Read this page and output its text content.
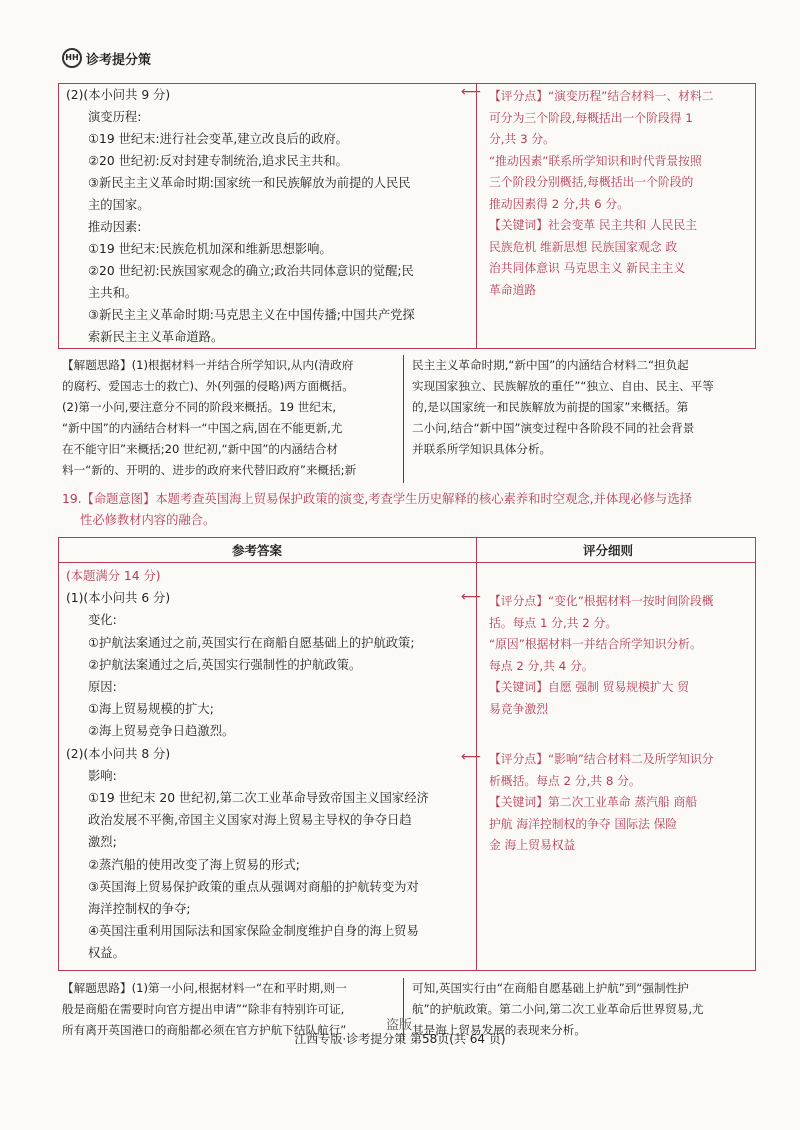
HH 诊考提分策
⟵

(2)(本小问共 9 分)

演变历程:

①19 世纪末:进行社会变革,建立改良后的政府。

②20 世纪初:反对封建专制统治,追求民主共和。

③新民主主义革命时期:国家统一和民族解放为前提的人民民

主的国家。

推动因素:

①19 世纪末:民族危机加深和维新思想影响。

②20 世纪初:民族国家观念的确立;政治共同体意识的觉醒;民

主共和。

③新民主主义革命时期:马克思主义在中国传播;中国共产党探

索新民主主义革命道路。

【评分点】“演变历程”结合材料一、材料二

可分为三个阶段,每概括出一个阶段得 1

分,共 3 分。

“推动因素”联系所学知识和时代背景按照

三个阶段分别概括,每概括出一个阶段的

推动因素得 2 分,共 6 分。

【关键词】社会变革 民主共和 人民民主

民族危机 维新思想 民族国家观念 政

治共同体意识 马克思主义 新民主主义

革命道路

【解题思路】(1)根据材料一并结合所学知识,从内(清政府

的腐朽、爱国志士的救亡)、外(列强的侵略)两方面概括。

(2)第一小问,要注意分不同的阶段来概括。19 世纪末,

“新中国”的内涵结合材料一“中国之病,固在不能更新,尤

在不能守旧”来概括;20 世纪初,“新中国”的内涵结合材

料一“新的、开明的、进步的政府来代替旧政府”来概括;新

民主主义革命时期,“新中国”的内涵结合材料二“担负起

实现国家独立、民族解放的重任”“独立、自由、民主、平等

的,是以国家统一和民族解放为前提的国家”来概括。第

二小问,结合“新中国”演变过程中各阶段不同的社会背景

并联系所学知识具体分析。

19.【命题意图】本题考查英国海上贸易保护政策的演变,考查学生历史解释的核心素养和时空观念,并体现必修与选择

性必修教材内容的融合。

参考答案	评分细则
⟵
⟵

(本题满分 14 分)

(1)(本小问共 6 分)

变化:

①护航法案通过之前,英国实行在商船自愿基础上的护航政策;

②护航法案通过之后,英国实行强制性的护航政策。

原因:

①海上贸易规模的扩大;

②海上贸易竞争日趋激烈。

(2)(本小问共 8 分)

影响:

①19 世纪末 20 世纪初,第二次工业革命导致帝国主义国家经济

政治发展不平衡,帝国主义国家对海上贸易主导权的争夺日趋

激烈;

②蒸汽船的使用改变了海上贸易的形式;

③英国海上贸易保护政策的重点从强调对商船的护航转变为对

海洋控制权的争夺;

④英国注重利用国际法和国家保险金制度维护自身的海上贸易

权益。

【评分点】“变化”根据材料一按时间阶段概

括。每点 1 分,共 2 分。

“原因”根据材料一并结合所学知识分析。

每点 2 分,共 4 分。

【关键词】自愿 强制 贸易规模扩大 贸

易竞争激烈

【评分点】“影响”结合材料二及所学知识分

析概括。每点 2 分,共 8 分。

【关键词】第二次工业革命 蒸汽船 商船

护航 海洋控制权的争夺 国际法 保险

金 海上贸易权益

【解题思路】(1)第一小问,根据材料一“在和平时期,则一

般是商船在需要时向官方提出申请”“除非有特别许可证,

所有离开英国港口的商船都必须在官方护航下结队航行”

可知,英国实行由“在商船自愿基础上护航”到“强制性护

航”的护航政策。第二小问,第二次工业革命后世界贸易,尤

其是海上贸易发展的表现来分析。

盗版
江西专版·诊考提分策 第58页(共 64 页)
